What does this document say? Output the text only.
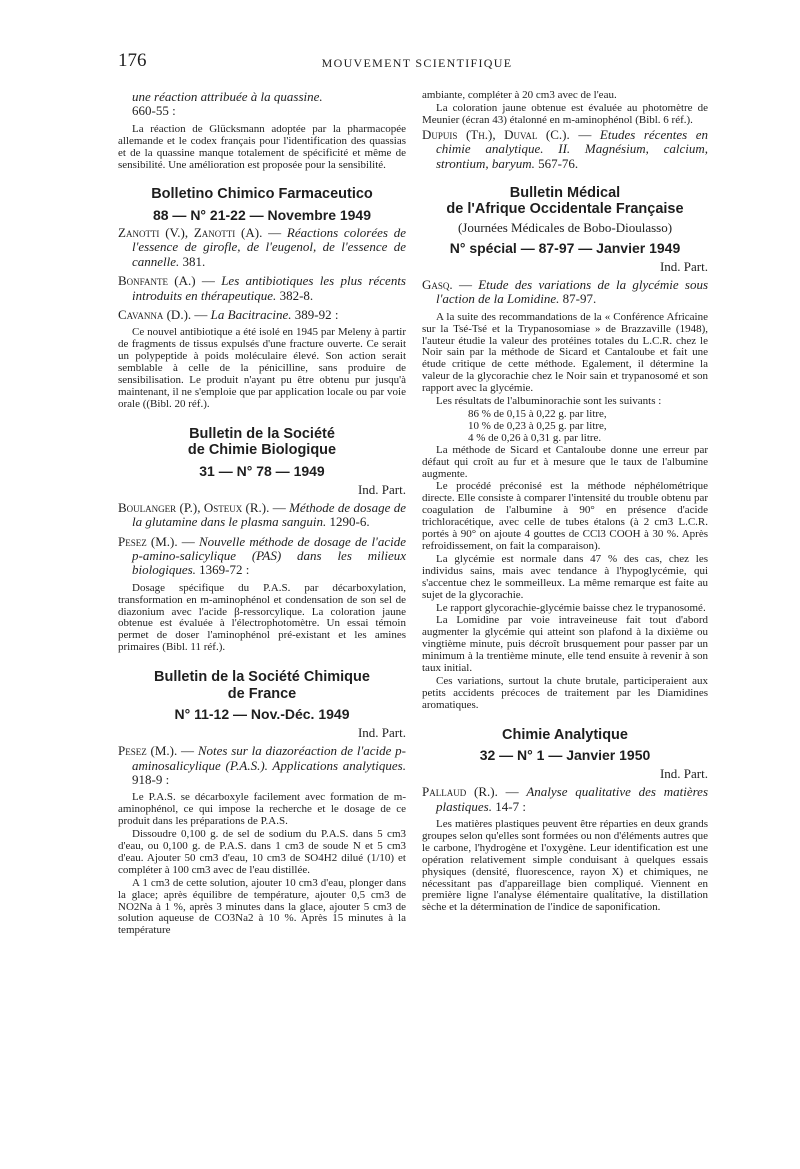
176	MOUVEMENT SCIENTIFIQUE

une réaction attribuée à la quassine.
660-55 :

La réaction de Glücksmann adoptée par la pharmacopée allemande et le codex français pour l'identification des quassias et de la quassine manque totalement de spécificité et même de sensibilité. Une amélioration est proposée pour la sensibilité.

Bolletino Chimico Farmaceutico

88 — N° 21-22 — Novembre 1949

Zanotti (V.), Zanotti (A). — Réactions colorées de l'essence de girofle, de l'eugenol, de l'essence de cannelle. 381.

Bonfante (A.) — Les antibiotiques les plus récents introduits en thérapeutique. 382-8.

Cavanna (D.). — La Bacitracine. 389-92 :

Ce nouvel antibiotique a été isolé en 1945 par Meleny à partir de fragments de tissus expulsés d'une fracture ouverte. Ce serait un polypeptide à poids moléculaire élevé. Son action serait semblable à celle de la pénicilline, sans produire de sensibilisation. Le produit n'ayant pu être obtenu pur jusqu'à maintenant, il ne s'emploie que par application locale ou par voie orale ((Bibl. 20 réf.).

Bulletin de la Société

de Chimie Biologique

31 — N° 78 — 1949

Ind. Part.

Boulanger (P.), Osteux (R.). — Méthode de dosage de la glutamine dans le plasma sanguin. 1290-6.

Pesez (M.). — Nouvelle méthode de dosage de l'acide p-amino-salicylique (PAS) dans les milieux biologiques. 1369-72 :

Dosage spécifique du P.A.S. par décarboxylation, transformation en m-aminophénol et condensation de son sel de diazonium avec l'acide β-ressorcylique. La coloration jaune obtenue est évaluée à l'électrophotomètre. Un essai témoin permet de doser l'aminophénol pré-existant et les amines primaires (Bibl. 11 réf.).

Bulletin de la Société Chimique

de France

N° 11-12 — Nov.-Déc. 1949

Ind. Part.

Pesez (M.). — Notes sur la diazoréaction de l'acide p-aminosalicylique (P.A.S.). Applications analytiques. 918-9 :

Le P.A.S. se décarboxyle facilement avec formation de m-aminophénol, ce qui impose la recherche et le dosage de ce produit dans les préparations de P.A.S.

Dissoudre 0,100 g. de sel de sodium du P.A.S. dans 5 cm3 d'eau, ou 0,100 g. de P.A.S. dans 1 cm3 de soude N et 5 cm3 d'eau. Ajouter 50 cm3 d'eau, 10 cm3 de SO4H2 dilué (1/10) et compléter à 100 cm3 avec de l'eau distillée.

A 1 cm3 de cette solution, ajouter 10 cm3 d'eau, plonger dans la glace; après équilibre de température, ajouter 0,5 cm3 de NO2Na à 1 %, après 3 minutes dans la glace, ajouter 5 cm3 de solution aqueuse de CO3Na2 à 10 %. Après 15 minutes à la température

ambiante, compléter à 20 cm3 avec de l'eau.

La coloration jaune obtenue est évaluée au photomètre de Meunier (écran 43) étalonné en m-aminophénol (Bibl. 6 réf.).

Dupuis (Th.), Duval (C.). — Etudes récentes en chimie analytique. II. Magnésium, calcium, strontium, baryum. 567-76.

Bulletin Médical

de l'Afrique Occidentale Française

(Journées Médicales de Bobo-Dioulasso)

N° spécial — 87-97 — Janvier 1949

Ind. Part.

Gasq. — Etude des variations de la glycémie sous l'action de la Lomidine. 87-97.

A la suite des recommandations de la « Conférence Africaine sur la Tsé-Tsé et la Trypanosomiase » de Brazzaville (1948), l'auteur étudie la valeur des protéines totales du L.C.R. chez le Noir sain par la méthode de Sicard et Cantaloube et fait une étude critique de cette méthode. Egalement, il détermine la valeur de la glycorachie chez le Noir sain et trypanosomé et son rapport avec la glycémie.

Les résultats de l'albuminorachie sont les suivants :

86 % de 0,15 à 0,22 g. par litre,

10 % de 0,23 à 0,25 g. par litre,

4 % de 0,26 à 0,31 g. par litre.

La méthode de Sicard et Cantaloube donne une erreur par défaut qui croît au fur et à mesure que le taux de l'albumine augmente.

Le procédé préconisé est la méthode néphélométrique directe. Elle consiste à comparer l'intensité du trouble obtenu par coagulation de l'albumine à 90° en présence d'acide trichloracétique, avec celle de tubes étalons (à 2 cm3 L.C.R. portés à 90° on ajoute 4 gouttes de CCl3 COOH à 30 %. Après refroidissement, on fait la comparaison).

La glycémie est normale dans 47 % des cas, chez les individus sains, mais avec tendance à l'hypoglycémie, qui s'accentue chez le sommeilleux. La même remarque est faite au sujet de la glycorachie.

Le rapport glycorachie-glycémie baisse chez le trypanosomé.

La Lomidine par voie intraveineuse fait tout d'abord augmenter la glycémie qui atteint son plafond à la dixième ou vingtième minute, puis décroît brusquement pour passer par un minimum à la trentième minute, elle tend ensuite à revenir à son taux initial.

Ces variations, surtout la chute brutale, participeraient aux petits accidents précoces de traitement par les Diamidines aromatiques.

Chimie Analytique

32 — N° 1 — Janvier 1950

Ind. Part.

Pallaud (R.). — Analyse qualitative des matières plastiques. 14-7 :

Les matières plastiques peuvent être réparties en deux grands groupes selon qu'elles sont formées ou non d'éléments autres que le carbone, l'hydrogène et l'oxygène. Leur identification est une opération relativement simple conduisant à quelques essais physiques (densité, fluorescence, rayon X) et chimiques, ne nécessitant pas d'appareillage bien compliqué. Viennent en première ligne l'analyse élémentaire qualitative, la distillation sèche et la détermination de l'indice de saponification.
